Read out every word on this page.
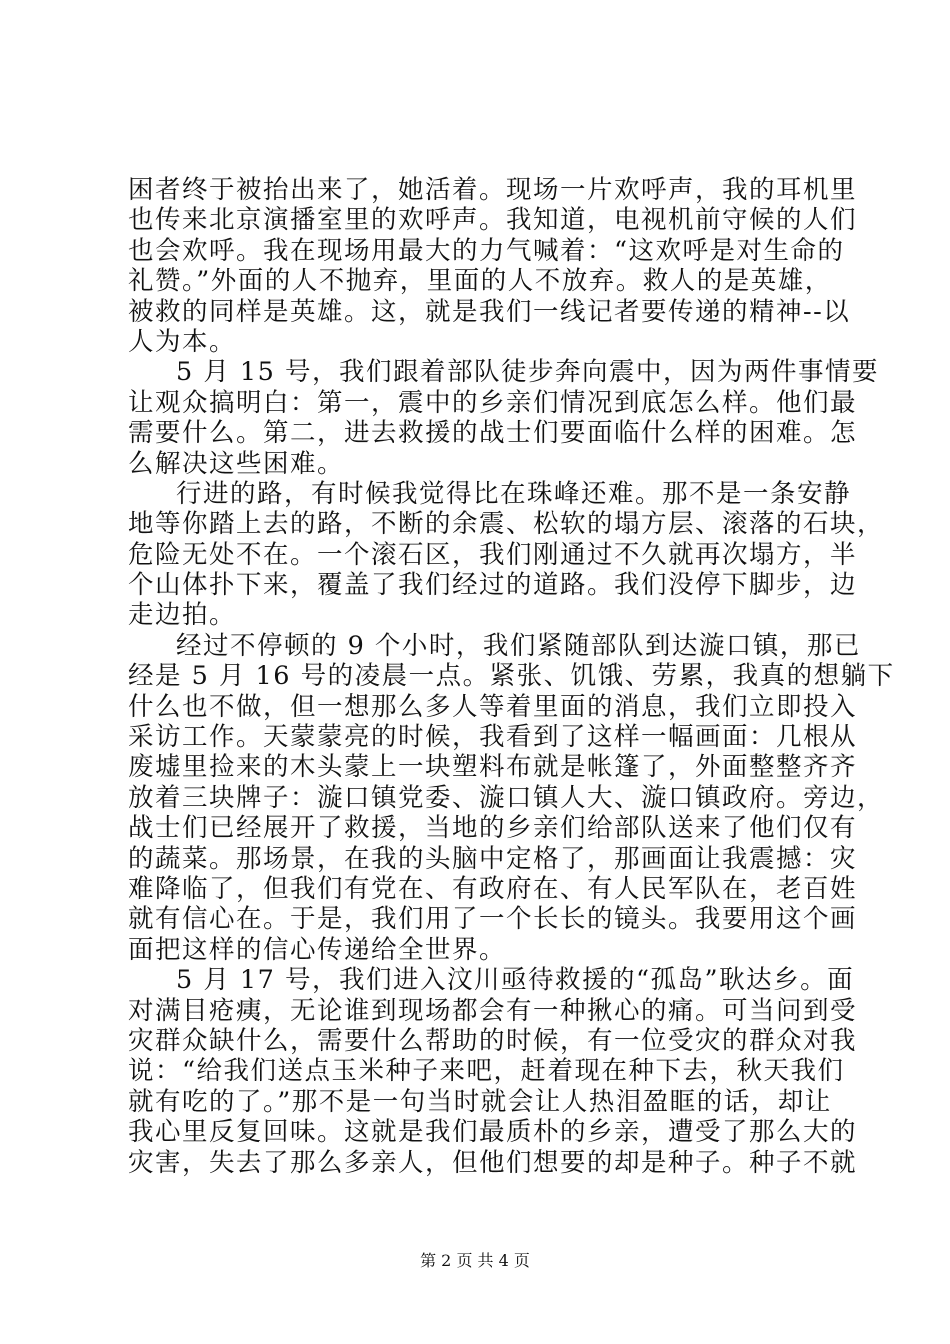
困者终于被抬出来了，她活着。现场一片欢呼声，我的耳机里
也传来北京演播室里的欢呼声。我知道，电视机前守候的人们
也会欢呼。我在现场用最大的力气喊着：“这欢呼是对生命的
礼赞。”外面的人不抛弃，里面的人不放弃。救人的是英雄，
被救的同样是英雄。这，就是我们一线记者要传递的精神--以
人为本。
5 月 15 号，我们跟着部队徒步奔向震中，因为两件事情要
让观众搞明白：第一，震中的乡亲们情况到底怎么样。他们最
需要什么。第二，进去救援的战士们要面临什么样的困难。怎
么解决这些困难。
行进的路，有时候我觉得比在珠峰还难。那不是一条安静
地等你踏上去的路，不断的余震、松软的塌方层、滚落的石块，
危险无处不在。一个滚石区，我们刚通过不久就再次塌方，半
个山体扑下来，覆盖了我们经过的道路。我们没停下脚步，边
走边拍。
经过不停顿的 9 个小时，我们紧随部队到达漩口镇，那已
经是 5 月 16 号的凌晨一点。紧张、饥饿、劳累，我真的想躺下
什么也不做，但一想那么多人等着里面的消息，我们立即投入
采访工作。天蒙蒙亮的时候，我看到了这样一幅画面：几根从
废墟里捡来的木头蒙上一块塑料布就是帐篷了，外面整整齐齐
放着三块牌子：漩口镇党委、漩口镇人大、漩口镇政府。旁边，
战士们已经展开了救援，当地的乡亲们给部队送来了他们仅有
的蔬菜。那场景，在我的头脑中定格了，那画面让我震撼：灾
难降临了，但我们有党在、有政府在、有人民军队在，老百姓
就有信心在。于是，我们用了一个长长的镜头。我要用这个画
面把这样的信心传递给全世界。
5 月 17 号，我们进入汶川亟待救援的“孤岛”耿达乡。面
对满目疮痍，无论谁到现场都会有一种揪心的痛。可当问到受
灾群众缺什么，需要什么帮助的时候，有一位受灾的群众对我
说：“给我们送点玉米种子来吧，赶着现在种下去，秋天我们
就有吃的了。”那不是一句当时就会让人热泪盈眶的话，却让
我心里反复回味。这就是我们最质朴的乡亲，遭受了那么大的
灾害，失去了那么多亲人，但他们想要的却是种子。种子不就
第 2 页 共 4 页
